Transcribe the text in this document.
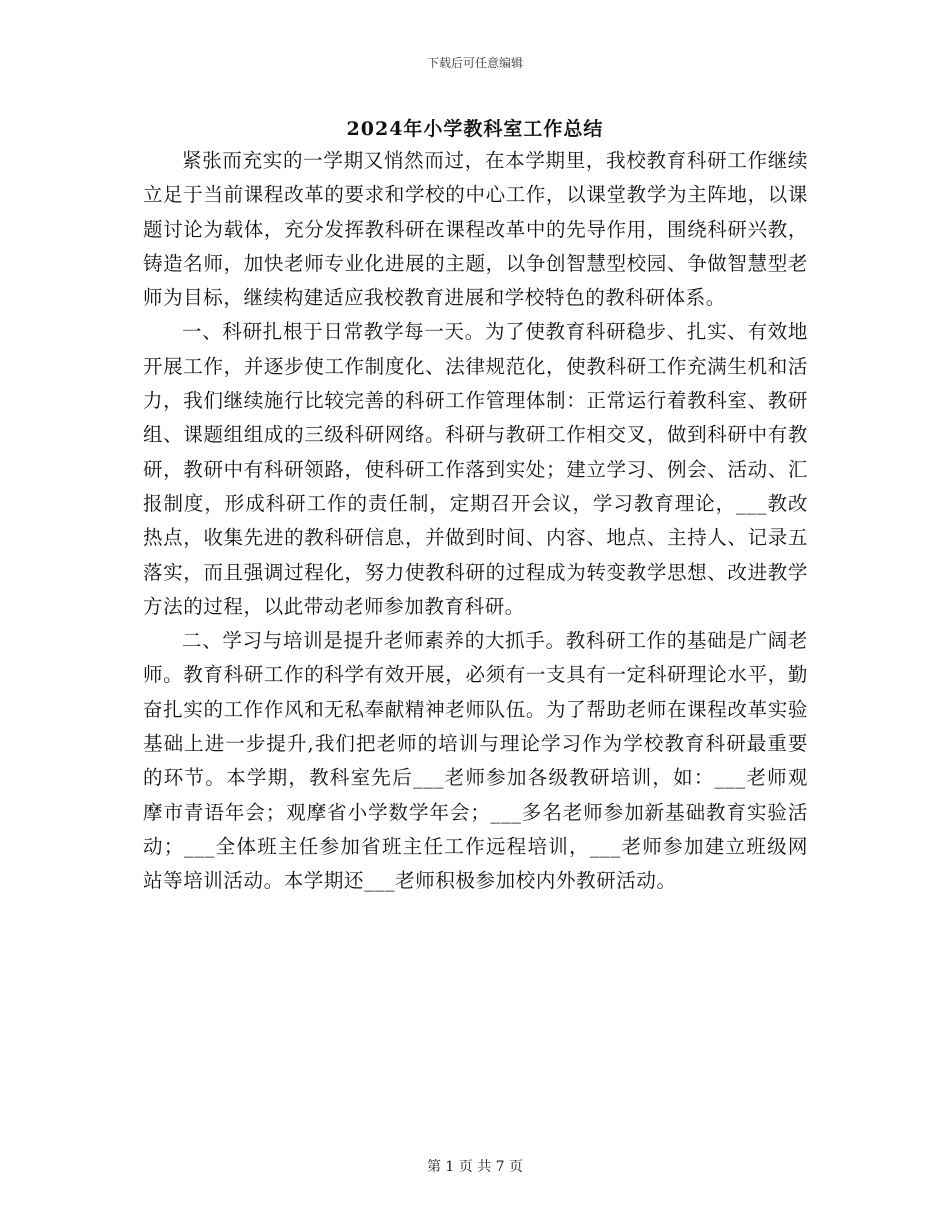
下载后可任意编辑
2024年小学教科室工作总结

紧张而充实的一学期又悄然而过，在本学期里，我校教育科研工作继续立足于当前课程改革的要求和学校的中心工作，以课堂教学为主阵地，以课题讨论为载体，充分发挥教科研在课程改革中的先导作用，围绕科研兴教，铸造名师，加快老师专业化进展的主题，以争创智慧型校园、争做智慧型老师为目标，继续构建适应我校教育进展和学校特色的教科研体系。

一、科研扎根于日常教学每一天。为了使教育科研稳步、扎实、有效地开展工作，并逐步使工作制度化、法律规范化，使教科研工作充满生机和活力，我们继续施行比较完善的科研工作管理体制：正常运行着教科室、教研组、课题组组成的三级科研网络。科研与教研工作相交叉，做到科研中有教研，教研中有科研领路，使科研工作落到实处；建立学习、例会、活动、汇报制度，形成科研工作的责任制，定期召开会议，学习教育理论，___教改热点，收集先进的教科研信息，并做到时间、内容、地点、主持人、记录五落实，而且强调过程化，努力使教科研的过程成为转变教学思想、改进教学方法的过程，以此带动老师参加教育科研。

二、学习与培训是提升老师素养的大抓手。教科研工作的基础是广阔老师。教育科研工作的科学有效开展，必须有一支具有一定科研理论水平，勤奋扎实的工作作风和无私奉献精神老师队伍。为了帮助老师在课程改革实验基础上进一步提升,我们把老师的培训与理论学习作为学校教育科研最重要的环节。本学期，教科室先后___老师参加各级教研培训，如：___老师观摩市青语年会；观摩省小学数学年会；___多名老师参加新基础教育实验活动；___全体班主任参加省班主任工作远程培训，___老师参加建立班级网站等培训活动。本学期还___老师积极参加校内外教研活动。

第 1 页 共 7 页
